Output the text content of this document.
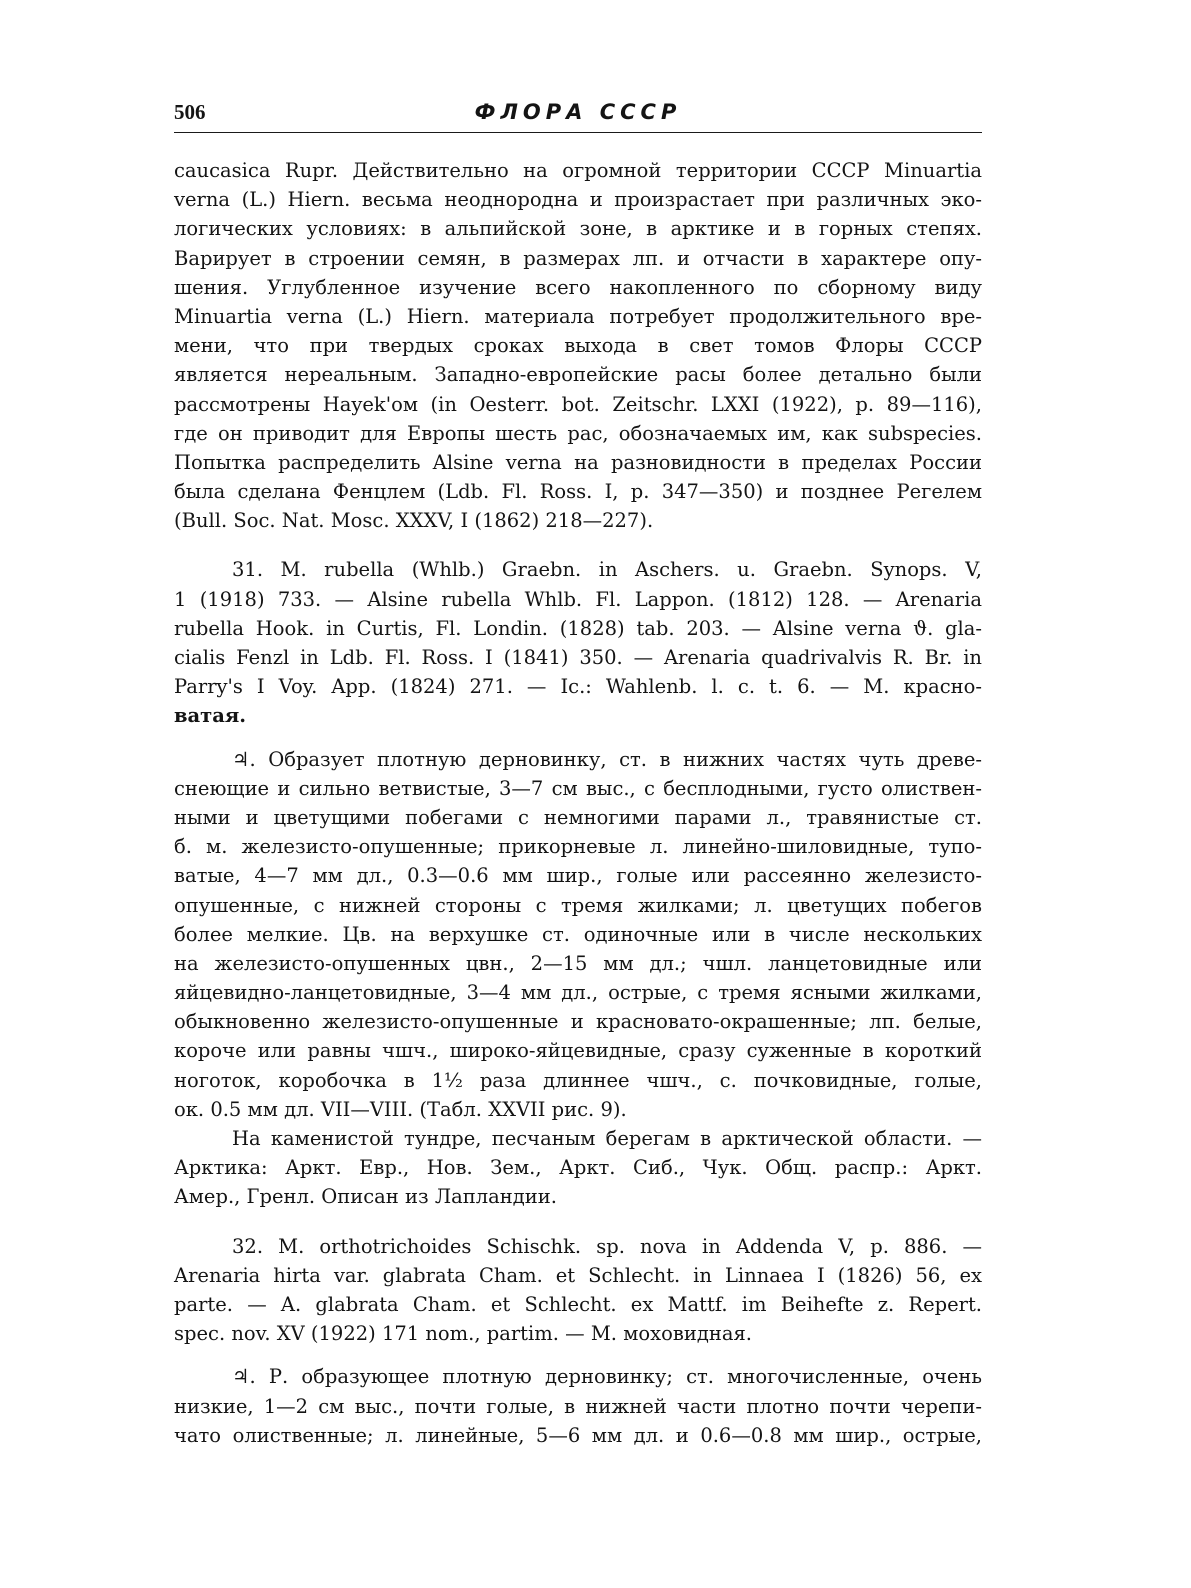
506	ФЛОРА СССР

caucasica Rupr. Действительно на огромной территории СССР Minuartia
verna (L.) Hiern. весьма неоднородна и произрастает при различных эко-
логических условиях: в альпийской зоне, в арктике и в горных степях.
Варирует в строении семян, в размерах лп. и отчасти в характере опу-
шения. Углубленное изучение всего накопленного по сборному виду
Minuartia verna (L.) Hiern. материала потребует продолжительного вре-
мени, что при твердых сроках выхода в свет томов Флоры СССР
является нереальным. Западно-европейские расы более детально были
рассмотрены Hayek'ом (in Oesterr. bot. Zeitschr. LXXI (1922), p. 89—116),
где он приводит для Европы шесть рас, обозначаемых им, как subspecies.
Попытка распределить Alsine verna на разновидности в пределах России
была сделана Фенцлем (Ldb. Fl. Ross. I, p. 347—350) и позднее Регелем
(Bull. Soc. Nat. Mosc. XXXV, I (1862) 218—227).

31. M. rubella (Whlb.) Graebn. in Aschers. u. Graebn. Synops. V,
1 (1918) 733. — Alsine rubella Whlb. Fl. Lappon. (1812) 128. — Arenaria
rubella Hook. in Curtis, Fl. Londin. (1828) tab. 203. — Alsine verna ϑ. gla-
cialis Fenzl in Ldb. Fl. Ross. I (1841) 350. — Arenaria quadrivalvis R. Br. in
Parry's I Voy. App. (1824) 271. — Ic.: Wahlenb. l. c. t. 6. — M. красно-
ватая.

♃. Образует плотную дерновинку, ст. в нижних частях чуть древе-
снеющие и сильно ветвистые, 3—7 см выс., с бесплодными, густо олиствен-
ными и цветущими побегами с немногими парами л., травянистые ст.
б. м. железисто-опушенные; прикорневые л. линейно-шиловидные, тупо-
ватые, 4—7 мм дл., 0.3—0.6 мм шир., голые или рассеянно железисто-
опушенные, с нижней стороны с тремя жилками; л. цветущих побегов
более мелкие. Цв. на верхушке ст. одиночные или в числе нескольких
на железисто-опушенных цвн., 2—15 мм дл.; чшл. ланцетовидные или
яйцевидно-ланцетовидные, 3—4 мм дл., острые, с тремя ясными жилками,
обыкновенно железисто-опушенные и красновато-окрашенные; лп. белые,
короче или равны чшч., широко-яйцевидные, сразу суженные в короткий
ноготок, коробочка в 1½ раза длиннее чшч., с. почковидные, голые,
ок. 0.5 мм дл. VII—VIII. (Табл. XXVII рис. 9).

На каменистой тундре, песчаным берегам в арктической области. —
Арктика: Аркт. Евр., Нов. Зем., Аркт. Сиб., Чук. Общ. распр.: Аркт.
Амер., Гренл. Описан из Лапландии.

32. M. orthotrichoides Schischk. sp. nova in Addenda V, p. 886. —
Arenaria hirta var. glabrata Cham. et Schlecht. in Linnaea I (1826) 56, ex
parte. — A. glabrata Cham. et Schlecht. ex Mattf. im Beihefte z. Repert.
spec. nov. XV (1922) 171 nom., partim. — M. моховидная.

♃. Р. образующее плотную дерновинку; ст. многочисленные, очень
низкие, 1—2 см выс., почти голые, в нижней части плотно почти черепи-
чато олиственные; л. линейные, 5—6 мм дл. и 0.6—0.8 мм шир., острые,
